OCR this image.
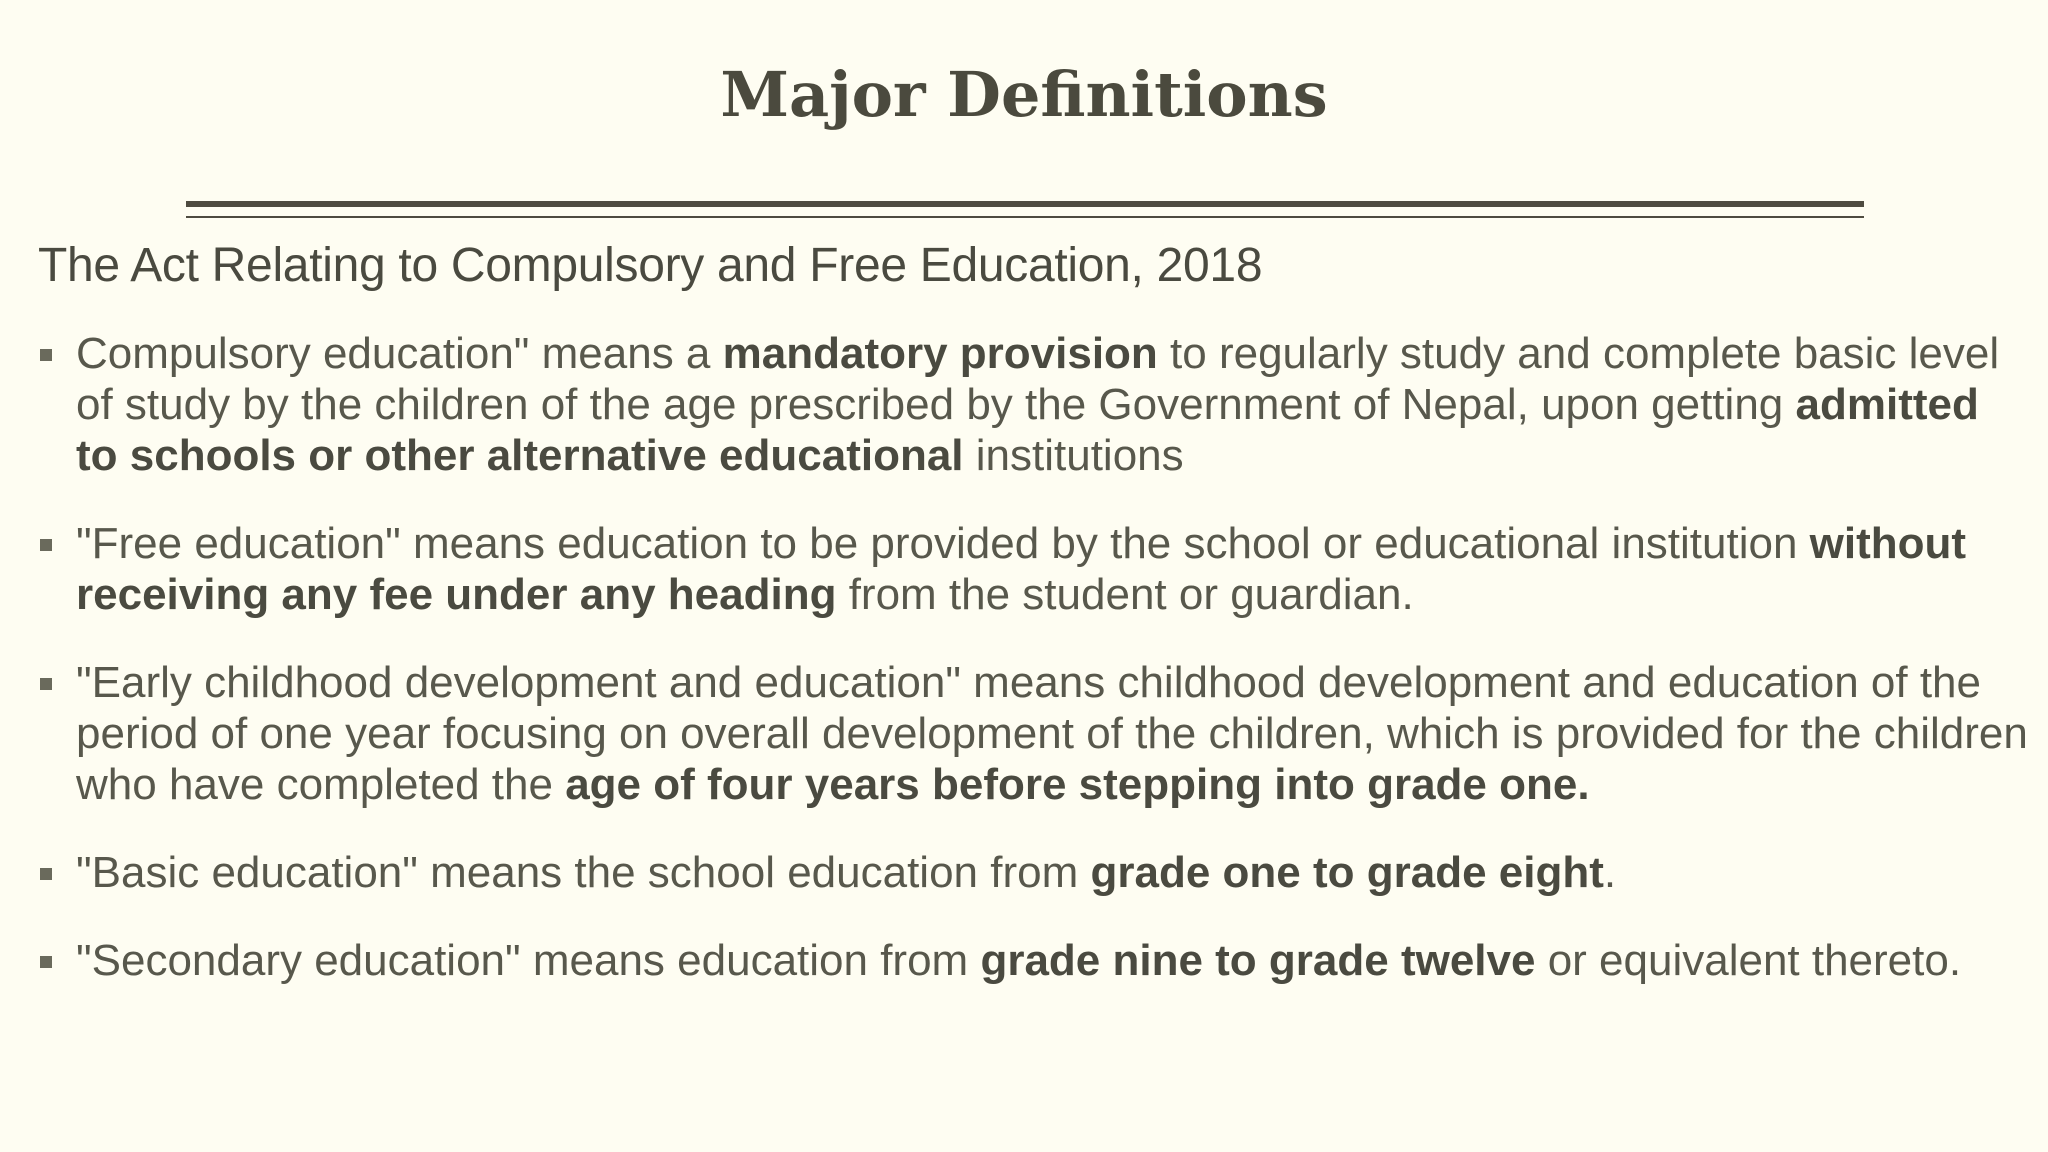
Major Definitions
The Act Relating to Compulsory and Free Education, 2018
Compulsory education" means a mandatory provision to regularly study and complete basic level of study by the children of the age prescribed by the Government of Nepal, upon getting admitted to schools or other alternative educational institutions
"Free education" means education to be provided by the school or educational institution without receiving any fee under any heading from the student or guardian.
"Early childhood development and education" means childhood development and education of the period of one year focusing on overall development of the children, which is provided for the children who have completed the age of four years before stepping into grade one.
"Basic education" means the school education from grade one to grade eight.
"Secondary education" means education from grade nine to grade twelve or equivalent thereto.
